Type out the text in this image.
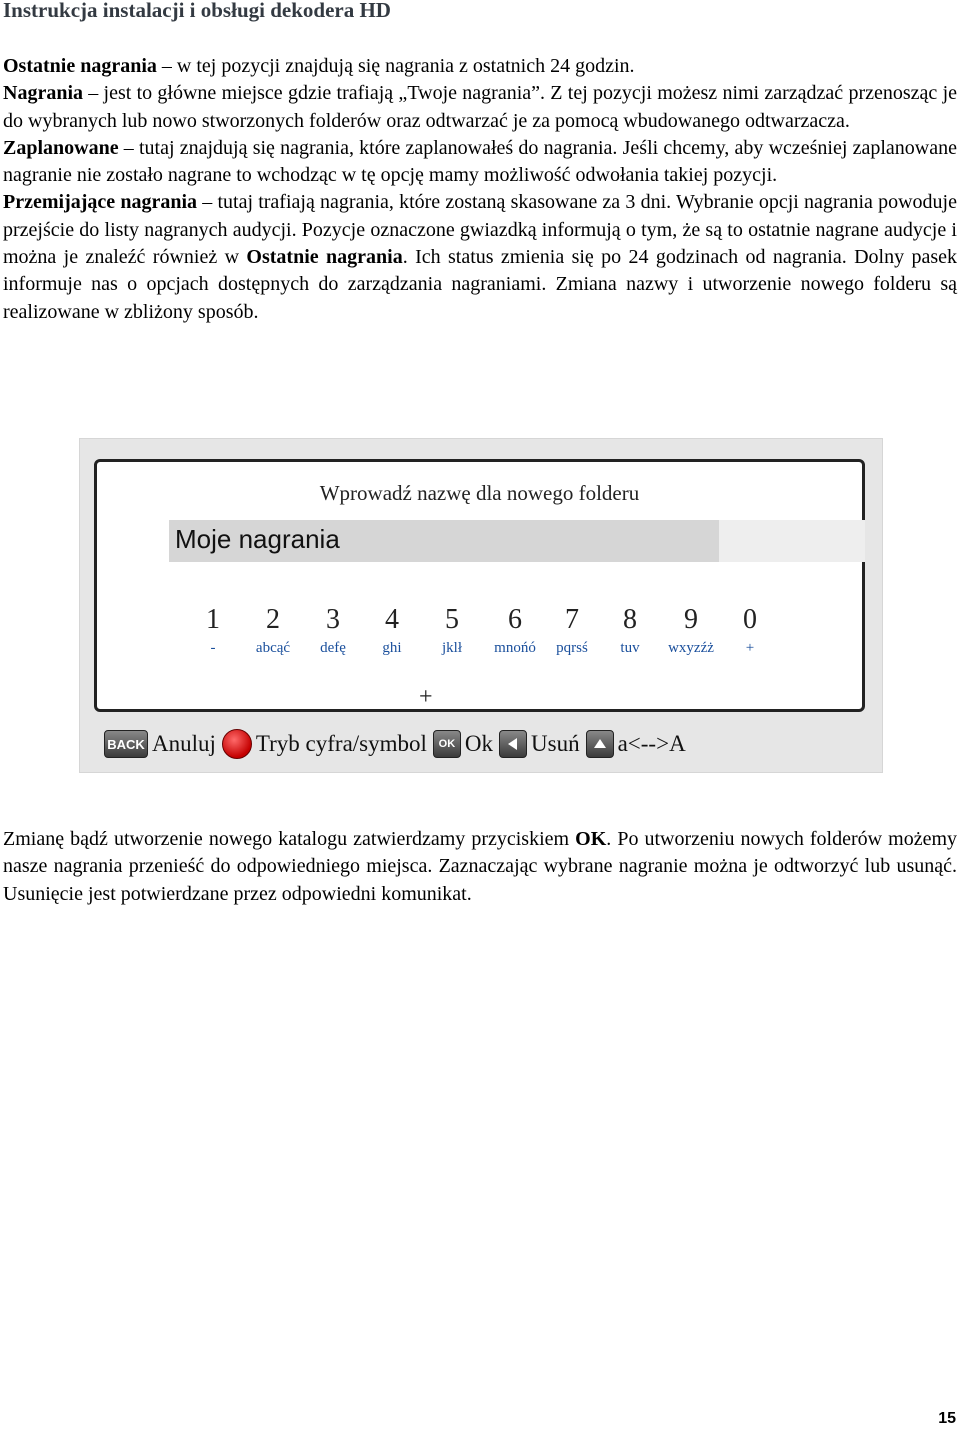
Instrukcja instalacji i obsługi dekodera HD

Ostatnie nagrania – w tej pozycji znajdują się nagrania z ostatnich 24 godzin.
Nagrania – jest to główne miejsce gdzie trafiają „Twoje nagrania”. Z tej pozycji możesz nimi zarządzać przenosząc je do wybranych lub nowo stworzonych folderów oraz odtwarzać je za pomocą wbudowanego odtwarzacza.
Zaplanowane – tutaj znajdują się nagrania, które zaplanowałeś do nagrania. Jeśli chcemy, aby wcześniej zaplanowane nagranie nie zostało nagrane to wchodząc w tę opcję mamy możliwość odwołania takiej pozycji.
Przemijające nagrania – tutaj trafiają nagrania, które zostaną skasowane za 3 dni. Wybranie opcji nagrania powoduje przejście do listy nagranych audycji. Pozycje oznaczone gwiazdką informują o tym, że są to ostatnie nagrane audycje i można je znaleźć również w Ostatnie nagrania. Ich status zmienia się po 24 godzinach od nagrania. Dolny pasek informuje nas o opcjach dostępnych do zarządzania nagraniami. Zmiana nazwy i utworzenie nowego folderu są realizowane w zbliżony sposób.

Wprowadź nazwę dla nowego folderu
Moje nagrania
1
-
2
abcąć
3
defę
4
ghi
5
jklł
6
mnońó
7
pqrsś
8
tuv
9
wxyzźż
0
+
+
BACK Anuluj Tryb cyfra/symbol	OK Ok Usuń a<-->A

Zmianę bądź utworzenie nowego katalogu zatwierdzamy przyciskiem OK. Po utworzeniu nowych folderów możemy nasze nagrania przenieść do odpowiedniego miejsca. Zaznaczając wybrane nagranie można je odtworzyć lub usunąć. Usunięcie jest potwierdzane przez odpowiedni komunikat.

15
